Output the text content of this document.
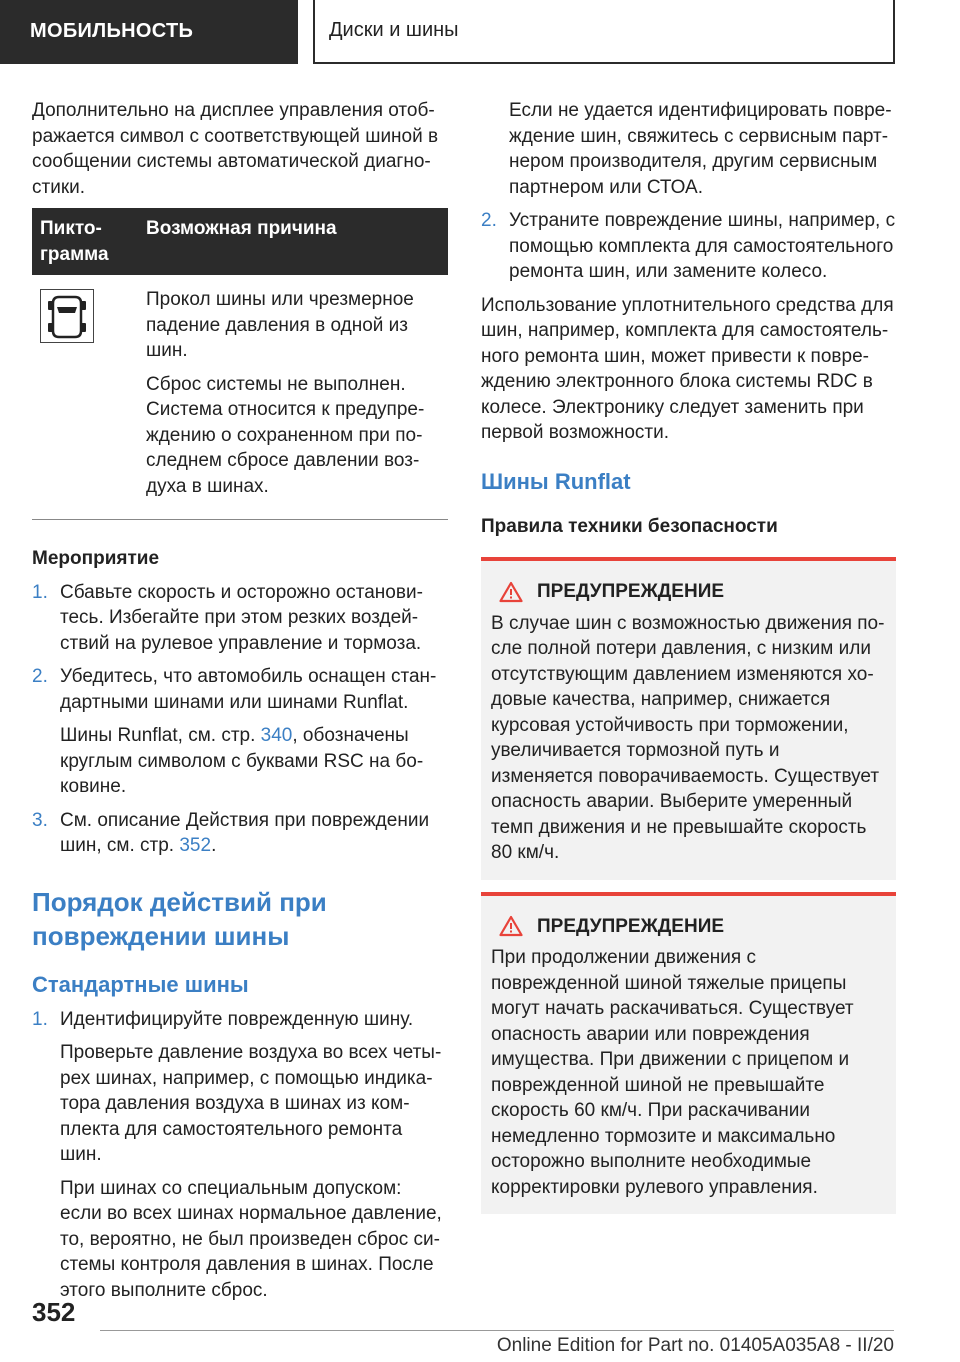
МОБИЛЬНОСТЬ	Диски и шины

Дополнительно на дисплее управления отображается символ с соответствующей шиной в сообщении системы автоматической диагностики.

Пиктограмма
Возможная причина

Прокол шины или чрезмерное падение давления в одной из шин.

Сброс системы не выполнен. Система относится к предупреждению о сохраненном при последнем сбросе давлении воздуха в шинах.

Мероприятие
1. Сбавьте скорость и осторожно остановитесь. Избегайте при этом резких воздействий на рулевое управление и тормоза.
2. Убедитесь, что автомобиль оснащен стандартными шинами или шинами Runflat.
Шины Runflat, см. стр. 340, обозначены круглым символом с буквами RSC на боковине.
3. См. описание Действия при повреждении шин, см. стр. 352.
Порядок действий при повреждении шины
Стандартные шины
1. Идентифицируйте поврежденную шину.
Проверьте давление воздуха во всех четырех шинах, например, с помощью индикатора давления воздуха в шинах из комплекта для самостоятельного ремонта шин.
При шинах со специальным допуском: если во всех шинах нормальное давление, то, вероятно, не был произведен сброс системы контроля давления в шинах. После этого выполните сброс.
Если не удается идентифицировать повреждение шин, свяжитесь с сервисным партнером производителя, другим сервисным партнером или СТОА.
2. Устраните повреждение шины, например, с помощью комплекта для самостоятельного ремонта шин, или замените колесо.

Использование уплотнительного средства для шин, например, комплекта для самостоятельного ремонта шин, может привести к повреждению электронного блока системы RDC в колесе. Электронику следует заменить при первой возможности.

Шины Runflat
Правила техники безопасности
ПРЕДУПРЕЖДЕНИЕ
В случае шин с возможностью движения после полной потери давления, с низким или отсутствующим давлением изменяются ходовые качества, например, снижается курсовая устойчивость при торможении, увеличивается тормозной путь и изменяется поворачиваемость. Существует опасность аварии. Выберите умеренный темп движения и не превышайте скорость 80 км/ч.
ПРЕДУПРЕЖДЕНИЕ
При продолжении движения с поврежденной шиной тяжелые прицепы могут начать раскачиваться. Существует опасность аварии или повреждения имущества. При движении с прицепом и поврежденной шиной не превышайте скорость 60 км/ч. При раскачивании немедленно тормозите и максимально осторожно выполните необходимые корректировки рулевого управления.
352
Online Edition for Part no. 01405A035A8 - II/20
